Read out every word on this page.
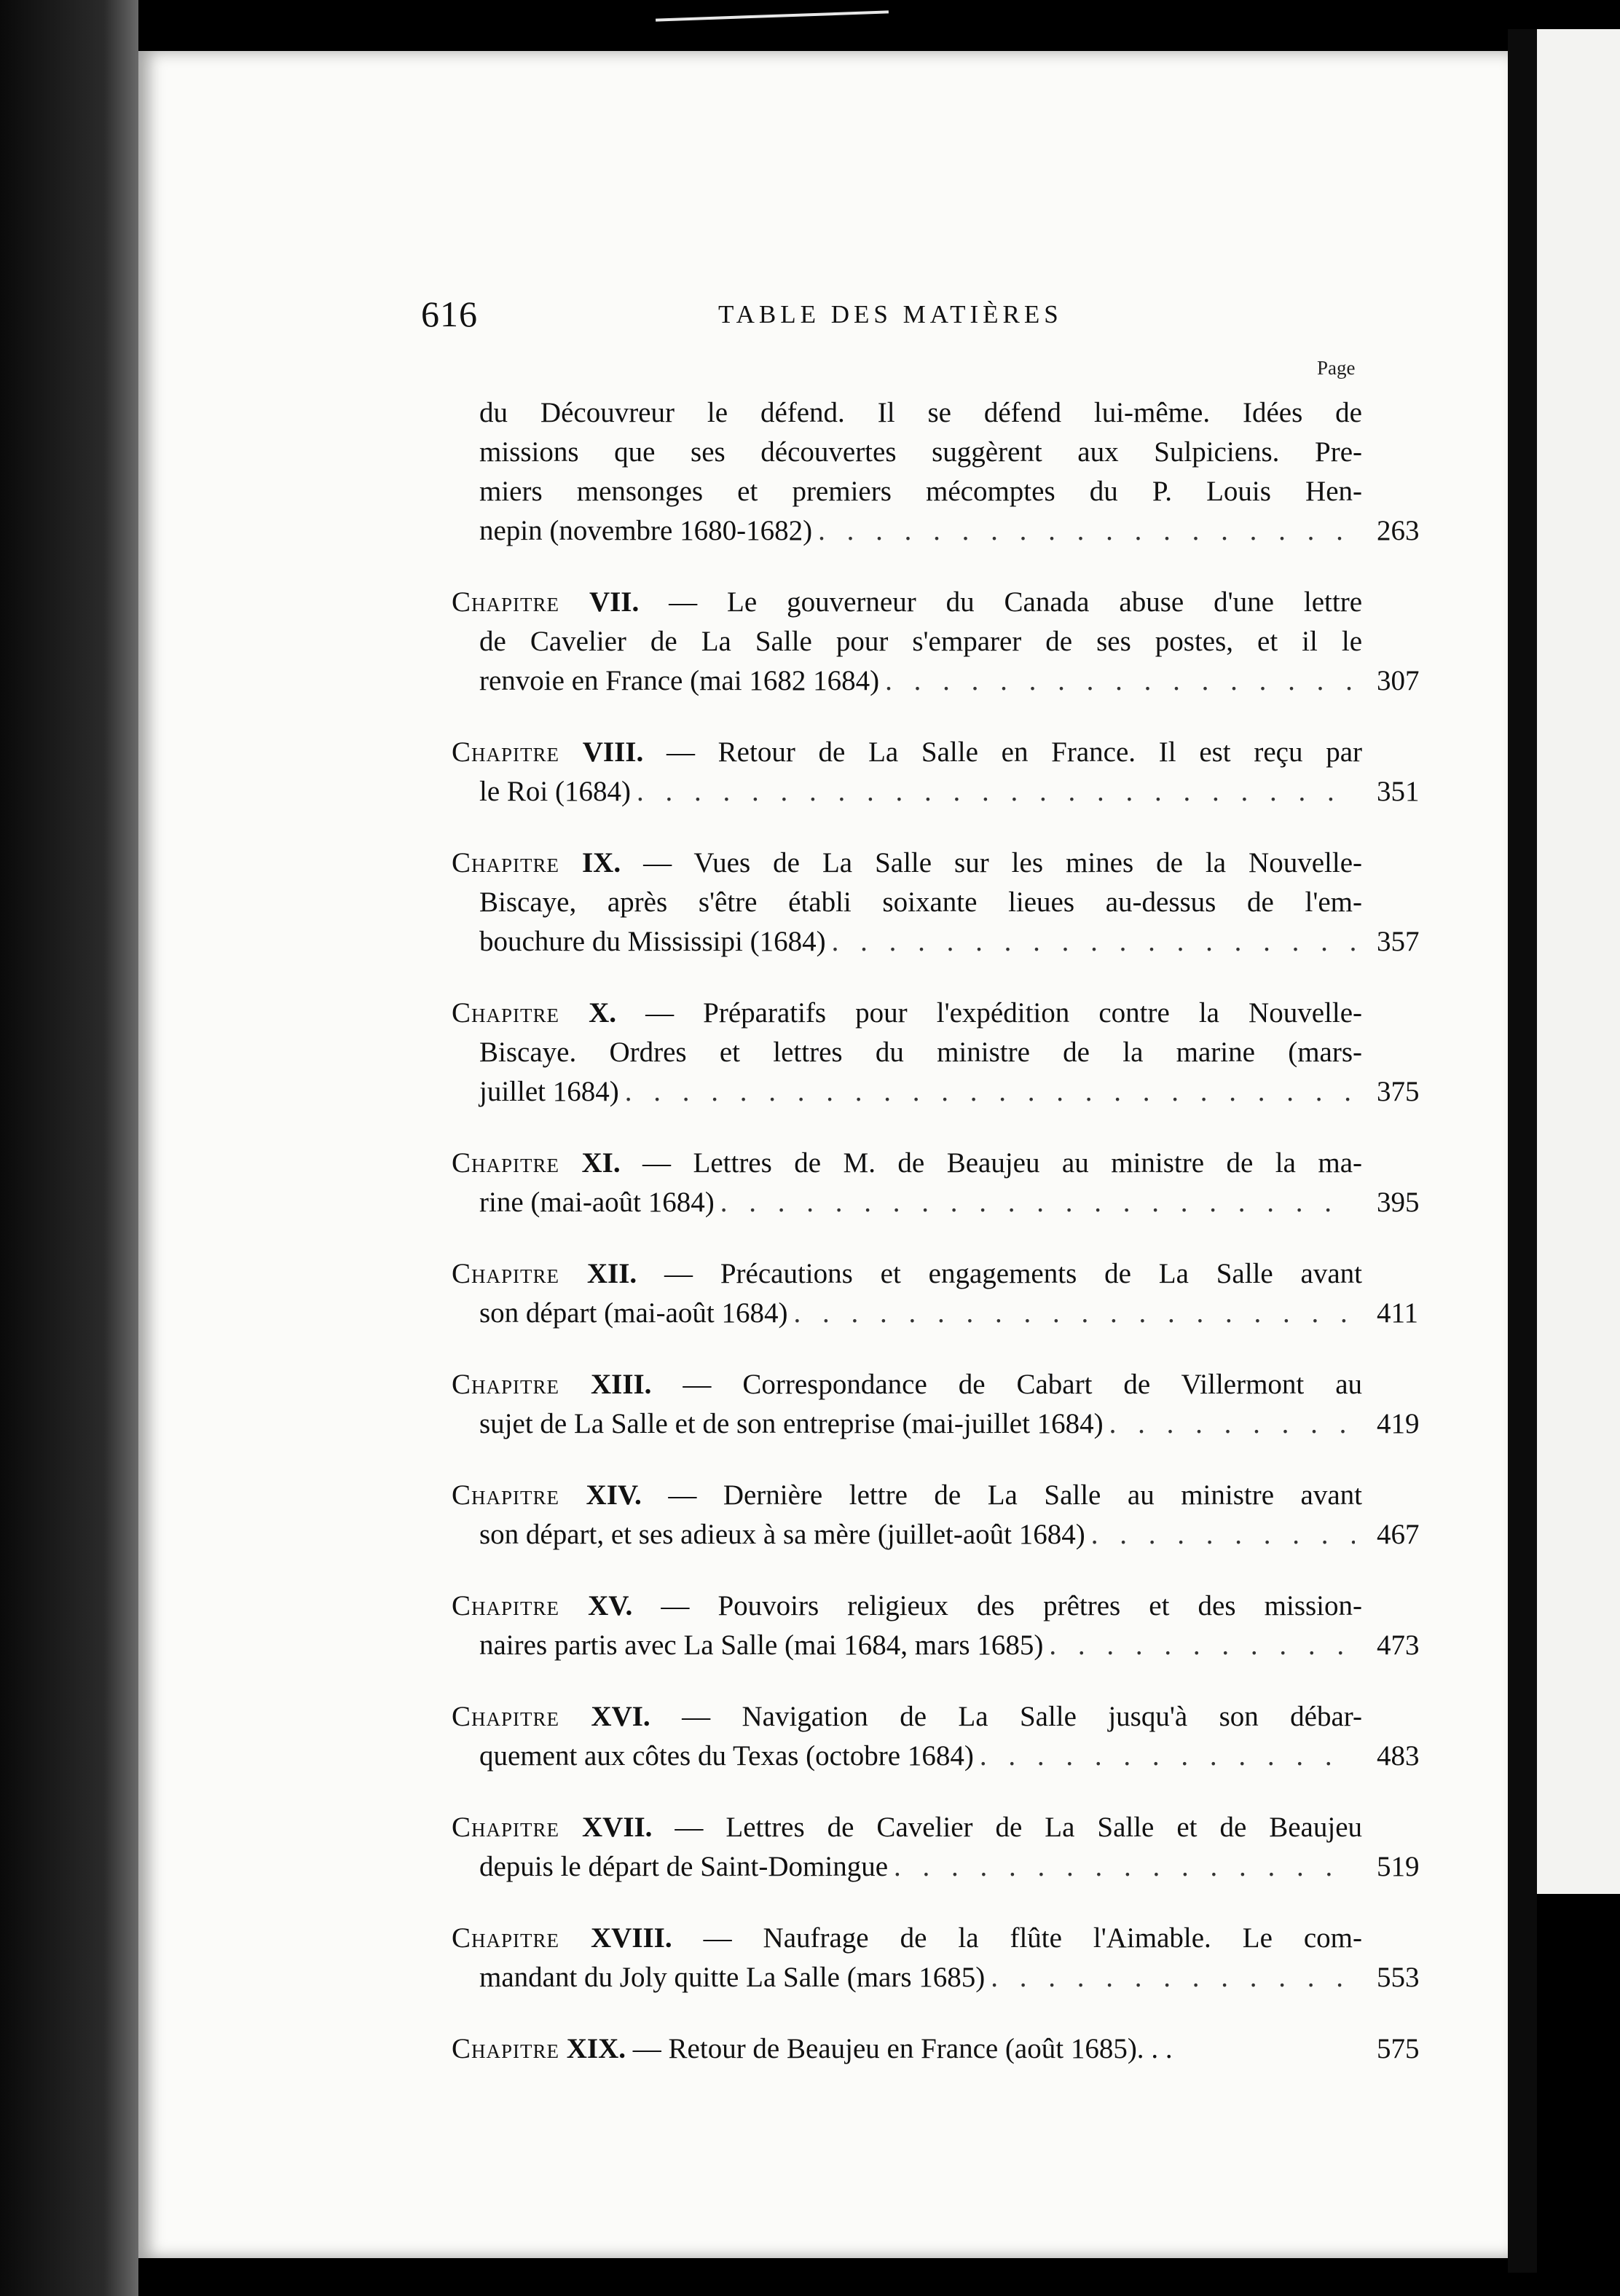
616	TABLE DES MATIÈRES
Page
du Découvreur le défend. Il se défend lui-même. Idées de
missions que ses découvertes suggèrent aux Sulpiciens. Pre-
miers mensonges et premiers mécomptes du P. Louis Hen-
nepin (novembre 1680-1682) . . .	263
Chapitre VII. — Le gouverneur du Canada abuse d'une lettre
de Cavelier de La Salle pour s'emparer de ses postes, et il le
renvoie en France (mai 1682 1684) . . .	307
Chapitre VIII. — Retour de La Salle en France. Il est reçu par
le Roi (1684) . . .	351
Chapitre IX. — Vues de La Salle sur les mines de la Nouvelle-
Biscaye, après s'être établi soixante lieues au-dessus de l'em-
bouchure du Mississipi (1684) . . .	357
Chapitre X. — Préparatifs pour l'expédition contre la Nouvelle-
Biscaye. Ordres et lettres du ministre de la marine (mars-
juillet 1684) . . .	375
Chapitre XI. — Lettres de M. de Beaujeu au ministre de la ma-
rine (mai-août 1684) . . .	395
Chapitre XII. — Précautions et engagements de La Salle avant
son départ (mai-août 1684) . . .	411
Chapitre XIII. — Correspondance de Cabart de Villermont au
sujet de La Salle et de son entreprise (mai-juillet 1684) . . .	419
Chapitre XIV. — Dernière lettre de La Salle au ministre avant
son départ, et ses adieux à sa mère (juillet-août 1684) . . .	467
Chapitre XV. — Pouvoirs religieux des prêtres et des mission-
naires partis avec La Salle (mai 1684, mars 1685) . . .	473
Chapitre XVI. — Navigation de La Salle jusqu'à son débar-
quement aux côtes du Texas (octobre 1684) . . .	483
Chapitre XVII. — Lettres de Cavelier de La Salle et de Beaujeu
depuis le départ de Saint-Domingue . . .	519
Chapitre XVIII. — Naufrage de la flûte l'Aimable. Le com-
mandant du Joly quitte La Salle (mars 1685) . . .	553
Chapitre XIX. — Retour de Beaujeu en France (août 1685). . .	575
